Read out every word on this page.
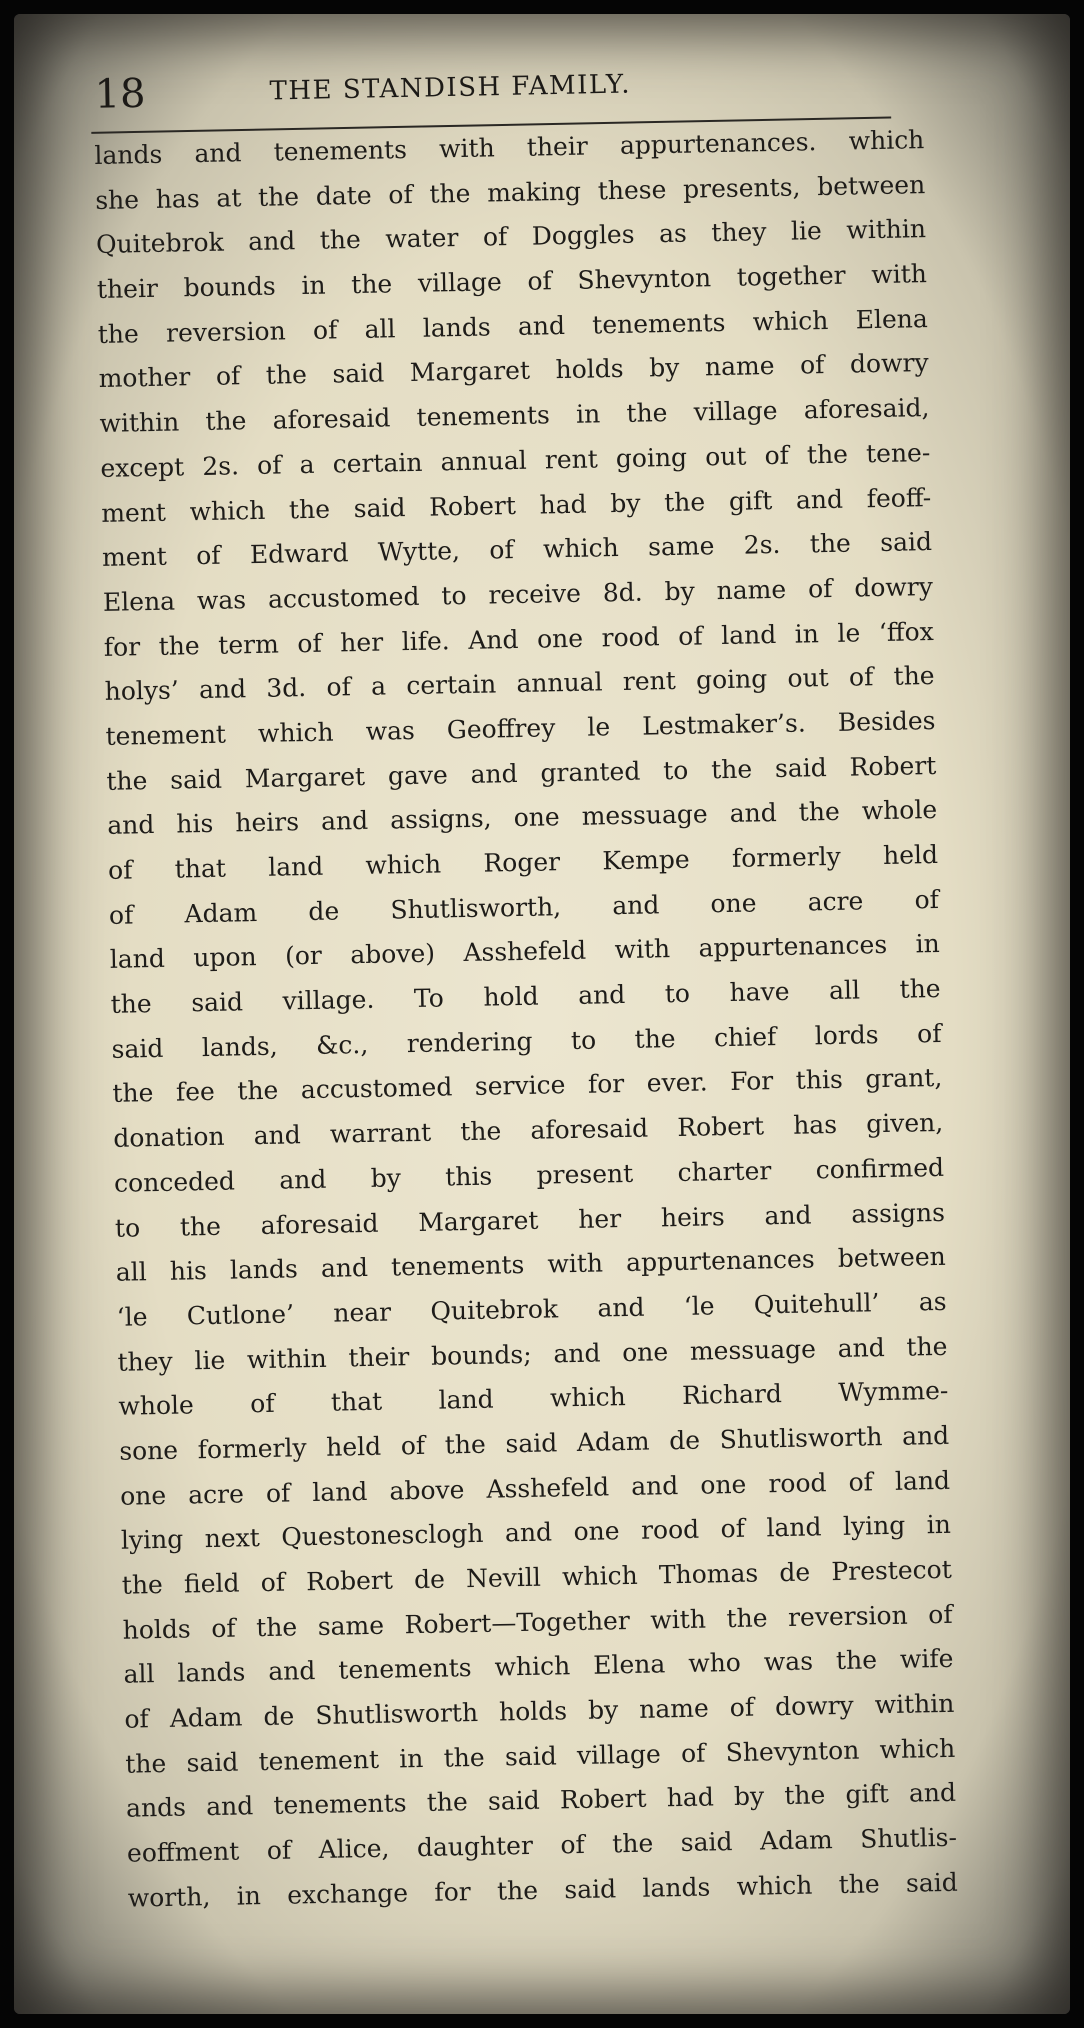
18	THE STANDISH FAMILY.
lands and tenements with their appurtenances. which
she has at the date of the making these presents, between
Quitebrok and the water of Doggles as they lie within
their bounds in the village of Shevynton together with
the reversion of all lands and tenements which Elena
mother of the said Margaret holds by name of dowry
within the aforesaid tenements in the village aforesaid,
except 2s. of a certain annual rent going out of the tene-
ment which the said Robert had by the gift and feoff-
ment of Edward Wytte, of which same 2s. the said
Elena was accustomed to receive 8d. by name of dowry
for the term of her life. And one rood of land in le ‘ffox
holys’ and 3d. of a certain annual rent going out of the
tenement which was Geoffrey le Lestmaker’s. Besides
the said Margaret gave and granted to the said Robert
and his heirs and assigns, one messuage and the whole
of that land which Roger Kempe formerly held
of Adam de Shutlisworth, and one acre of
land upon (or above) Asshefeld with appurtenances in
the said village. To hold and to have all the
said lands, &c., rendering to the chief lords of
the fee the accustomed service for ever. For this grant,
donation and warrant the aforesaid Robert has given,
conceded and by this present charter confirmed
to the aforesaid Margaret her heirs and assigns
all his lands and tenements with appurtenances between
‘le Cutlone’ near Quitebrok and ‘le Quitehull’ as
they lie within their bounds; and one messuage and the
whole of that land which Richard Wymme-
sone formerly held of the said Adam de Shutlisworth and
one acre of land above Asshefeld and one rood of land
lying next Questonesclogh and one rood of land lying in
the field of Robert de Nevill which Thomas de Prestecot
holds of the same Robert—Together with the reversion of
all lands and tenements which Elena who was the wife
of Adam de Shutlisworth holds by name of dowry within
the said tenement in the said village of Shevynton which
ands and tenements the said Robert had by the gift and
eoffment of Alice, daughter of the said Adam Shutlis-
worth, in exchange for the said lands which the said
